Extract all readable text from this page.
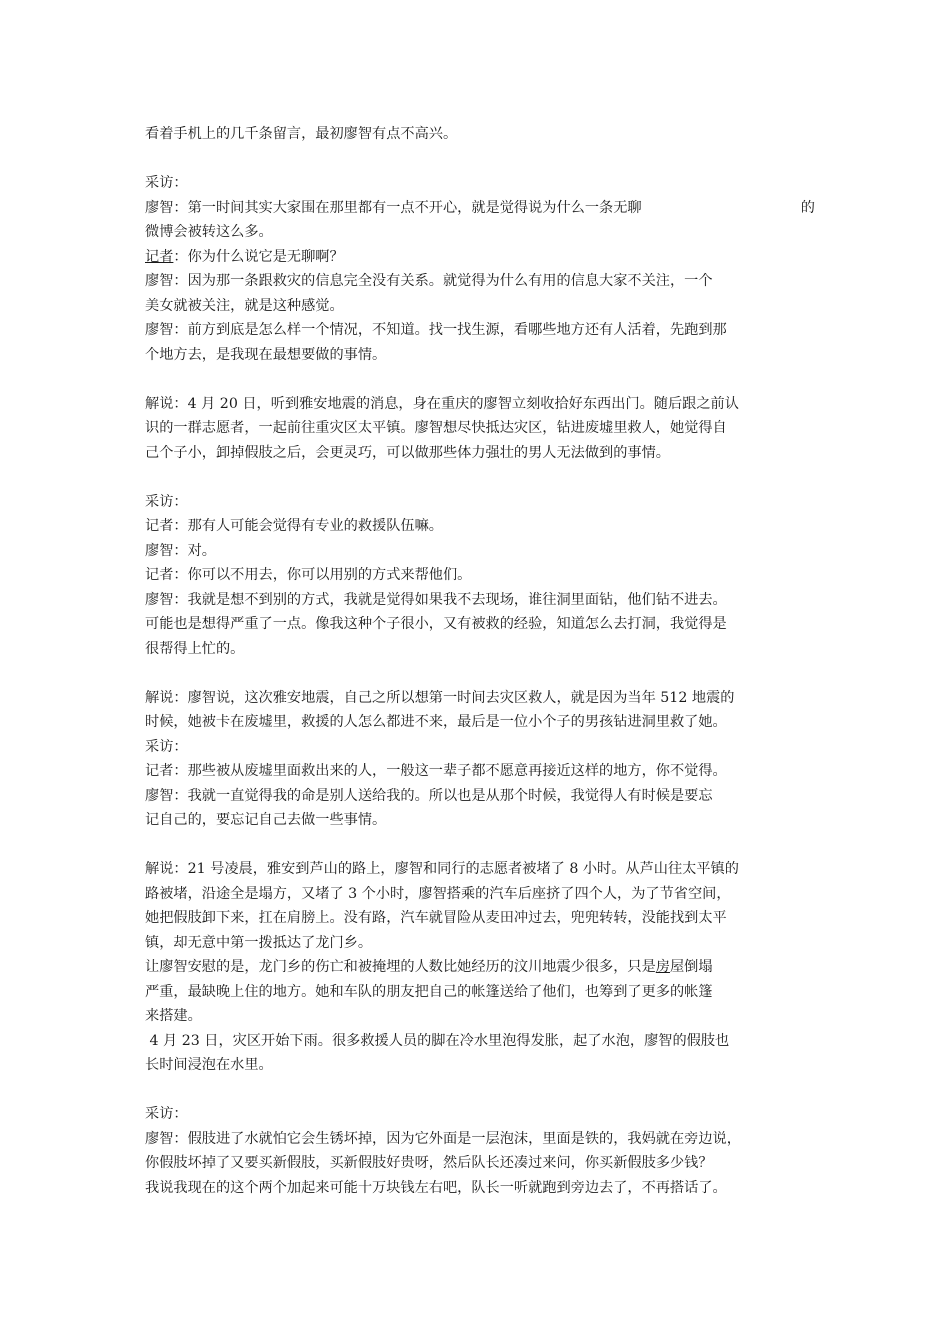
看着手机上的几千条留言，最初廖智有点不高兴。
采访：
廖智：第一时间其实大家围在那里都有一点不开心，就是觉得说为什么一条无聊	的
微博会被转这么多。
记者：你为什么说它是无聊啊？
廖智：因为那一条跟救灾的信息完全没有关系。就觉得为什么有用的信息大家不关注，一个
美女就被关注，就是这种感觉。
廖智：前方到底是怎么样一个情况，不知道。找一找生源，看哪些地方还有人活着，先跑到那
个地方去，是我现在最想要做的事情。
解说：4 月 20 日，听到雅安地震的消息，身在重庆的廖智立刻收拾好东西出门。随后跟之前认
识的一群志愿者，一起前往重灾区太平镇。廖智想尽快抵达灾区，钻进废墟里救人，她觉得自
己个子小，卸掉假肢之后，会更灵巧，可以做那些体力强壮的男人无法做到的事情。
采访：
记者：那有人可能会觉得有专业的救援队伍嘛。
廖智：对。
记者：你可以不用去，你可以用别的方式来帮他们。
廖智：我就是想不到别的方式，我就是觉得如果我不去现场，谁往洞里面钻，他们钻不进去。
可能也是想得严重了一点。像我这种个子很小，又有被救的经验，知道怎么去打洞，我觉得是
很帮得上忙的。
解说：廖智说，这次雅安地震，自己之所以想第一时间去灾区救人，就是因为当年 512 地震的
时候，她被卡在废墟里，救援的人怎么都进不来，最后是一位小个子的男孩钻进洞里救了她。
采访：
记者：那些被从废墟里面救出来的人，一般这一辈子都不愿意再接近这样的地方，你不觉得。
廖智：我就一直觉得我的命是别人送给我的。所以也是从那个时候，我觉得人有时候是要忘
记自己的，要忘记自己去做一些事情。
解说：21 号凌晨，雅安到芦山的路上，廖智和同行的志愿者被堵了 8 小时。从芦山往太平镇的
路被堵，沿途全是塌方，又堵了 3 个小时，廖智搭乘的汽车后座挤了四个人，为了节省空间，
她把假肢卸下来，扛在肩膀上。没有路，汽车就冒险从麦田冲过去，兜兜转转，没能找到太平
镇，却无意中第一拨抵达了龙门乡。
让廖智安慰的是，龙门乡的伤亡和被掩埋的人数比她经历的汶川地震少很多，只是房屋倒塌
严重，最缺晚上住的地方。她和车队的朋友把自己的帐篷送给了他们，也筹到了更多的帐篷
来搭建。
4 月 23 日，灾区开始下雨。很多救援人员的脚在冷水里泡得发胀，起了水泡，廖智的假肢也
长时间浸泡在水里。
采访：
廖智：假肢进了水就怕它会生锈坏掉，因为它外面是一层泡沫，里面是铁的，我妈就在旁边说，
你假肢坏掉了又要买新假肢，买新假肢好贵呀，然后队长还凑过来问，你买新假肢多少钱？
我说我现在的这个两个加起来可能十万块钱左右吧，队长一听就跑到旁边去了，不再搭话了。
